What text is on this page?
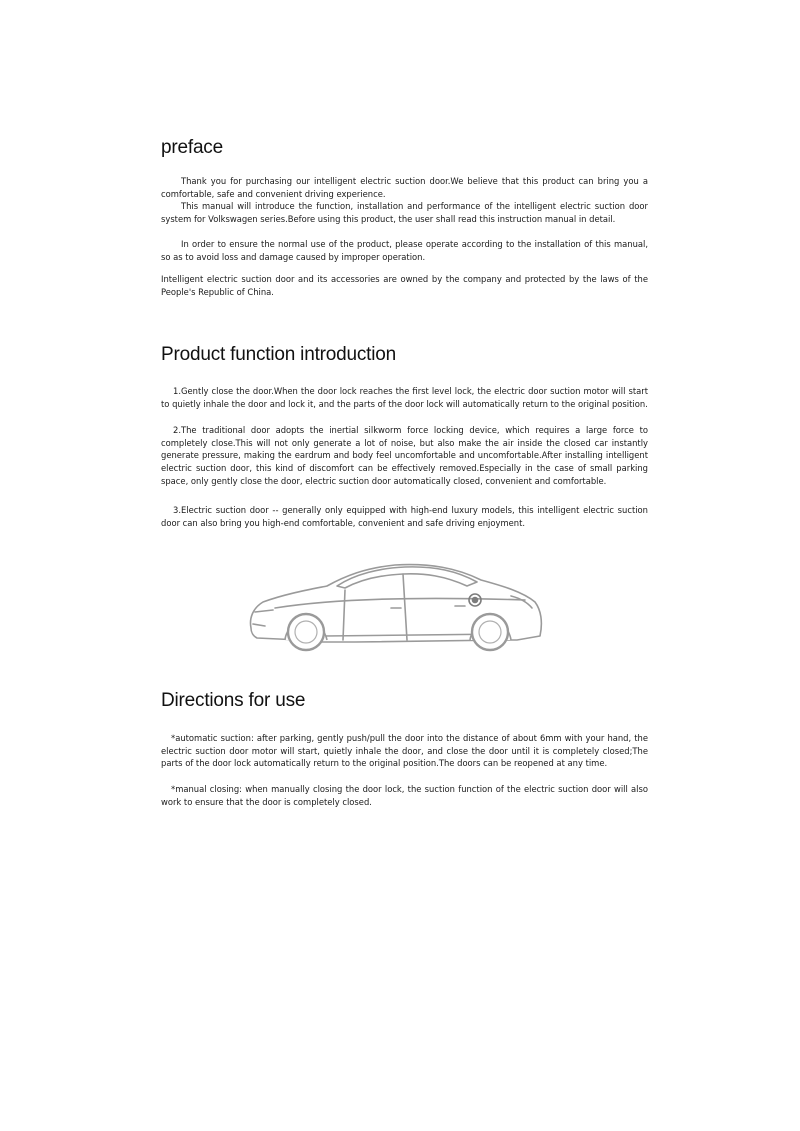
preface

Thank you for purchasing our intelligent electric suction door.We believe that this product can bring you a comfortable, safe and convenient driving experience.

This manual will introduce the function, installation and performance of the intelligent electric suction door system for Volkswagen series.Before using this product, the user shall read this instruction manual in detail.

In order to ensure the normal use of the product, please operate according to the installation of this manual, so as to avoid loss and damage caused by improper operation.

Intelligent electric suction door and its accessories are owned by the company and protected by the laws of the People's Republic of China.

Product function introduction

1.Gently close the door.When the door lock reaches the first level lock, the electric door suction motor will start to quietly inhale the door and lock it, and the parts of the door lock will automatically return to the original position.

2.The traditional door adopts the inertial silkworm force locking device, which requires a large force to completely close.This will not only generate a lot of noise, but also make the air inside the closed car instantly generate pressure, making the eardrum and body feel uncomfortable and uncomfortable.After installing intelligent electric suction door, this kind of discomfort can be effectively removed.Especially in the case of small parking space, only gently close the door, electric suction door automatically closed, convenient and comfortable.

3.Electric suction door -- generally only equipped with high-end luxury models, this intelligent electric suction door can also bring you high-end comfortable, convenient and safe driving enjoyment.

Directions for use

*automatic suction: after parking, gently push/pull the door into the distance of about 6mm with your hand, the electric suction door motor will start, quietly inhale the door, and close the door until it is completely closed;The parts of the door lock automatically return to the original position.The doors can be reopened at any time.

*manual closing: when manually closing the door lock, the suction function of the electric suction door will also work to ensure that the door is completely closed.
